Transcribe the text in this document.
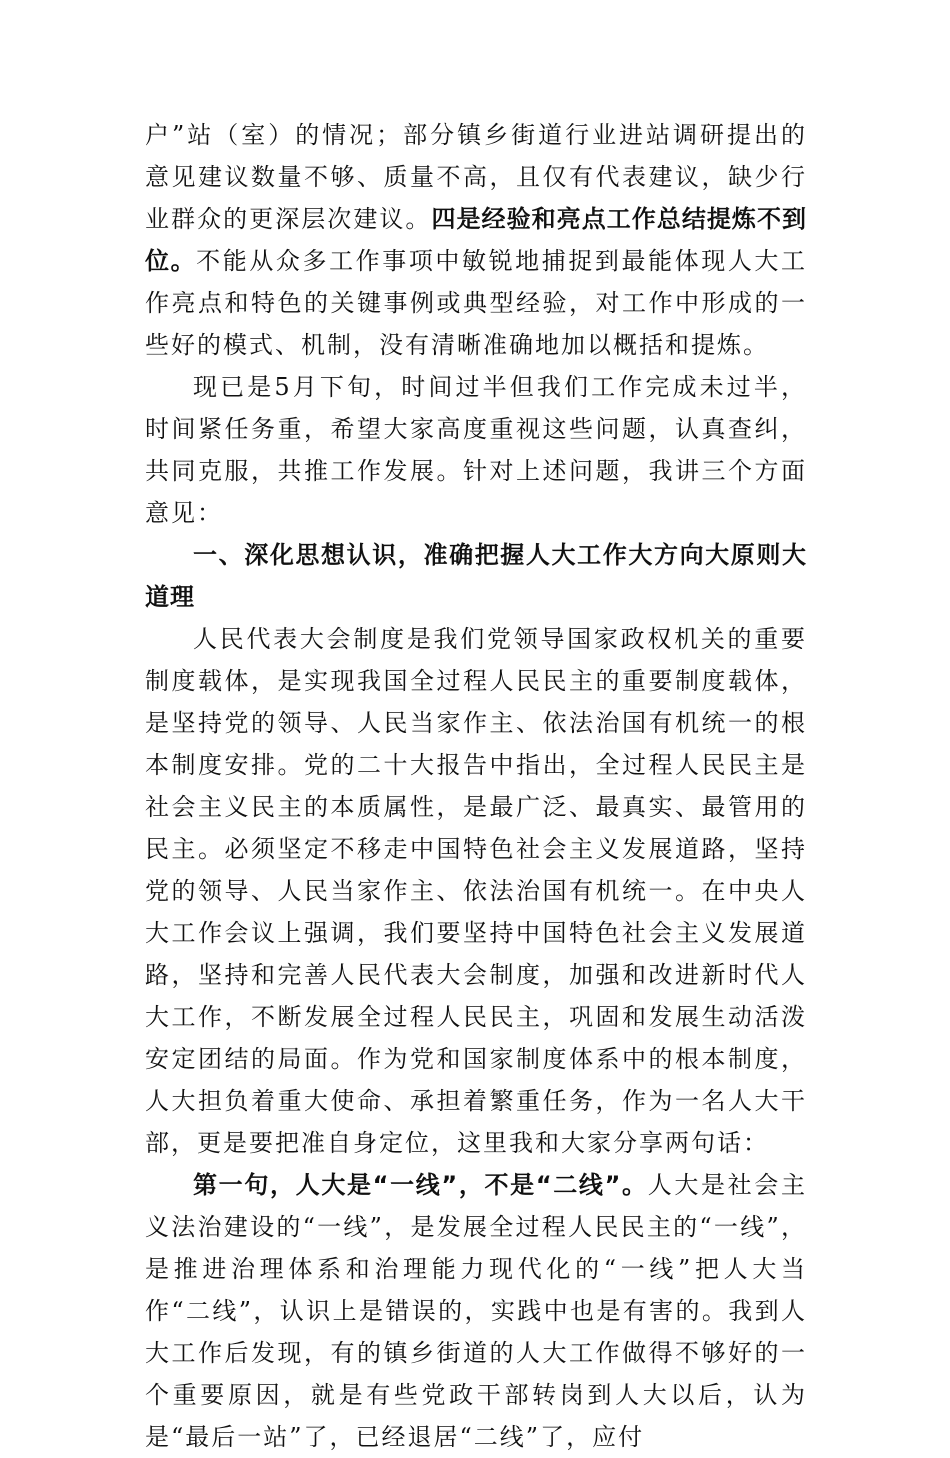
户”站（室）的情况；部分镇乡街道行业进站调研提出的意见建议数量不够、质量不高，且仅有代表建议，缺少行业群众的更深层次建议。四是经验和亮点工作总结提炼不到位。不能从众多工作事项中敏锐地捕捉到最能体现人大工作亮点和特色的关键事例或典型经验，对工作中形成的一些好的模式、机制，没有清晰准确地加以概括和提炼。

现已是5月下旬，时间过半但我们工作完成未过半，时间紧任务重，希望大家高度重视这些问题，认真查纠，共同克服，共推工作发展。针对上述问题，我讲三个方面意见：

一、深化思想认识，准确把握人大工作大方向大原则大道理

人民代表大会制度是我们党领导国家政权机关的重要制度载体，是实现我国全过程人民民主的重要制度载体，是坚持党的领导、人民当家作主、依法治国有机统一的根本制度安排。党的二十大报告中指出，全过程人民民主是社会主义民主的本质属性，是最广泛、最真实、最管用的民主。必须坚定不移走中国特色社会主义发展道路，坚持党的领导、人民当家作主、依法治国有机统一。在中央人大工作会议上强调，我们要坚持中国特色社会主义发展道路，坚持和完善人民代表大会制度，加强和改进新时代人大工作，不断发展全过程人民民主，巩固和发展生动活泼安定团结的局面。作为党和国家制度体系中的根本制度，人大担负着重大使命、承担着繁重任务，作为一名人大干部，更是要把准自身定位，这里我和大家分享两句话：

第一句，人大是“一线”，不是“二线”。人大是社会主义法治建设的“一线”，是发展全过程人民民主的“一线”，是推进治理体系和治理能力现代化的“一线”把人大当作“二线”，认识上是错误的，实践中也是有害的。我到人大工作后发现，有的镇乡街道的人大工作做得不够好的一个重要原因，就是有些党政干部转岗到人大以后，认为是“最后一站”了，已经退居“二线”了，应付
